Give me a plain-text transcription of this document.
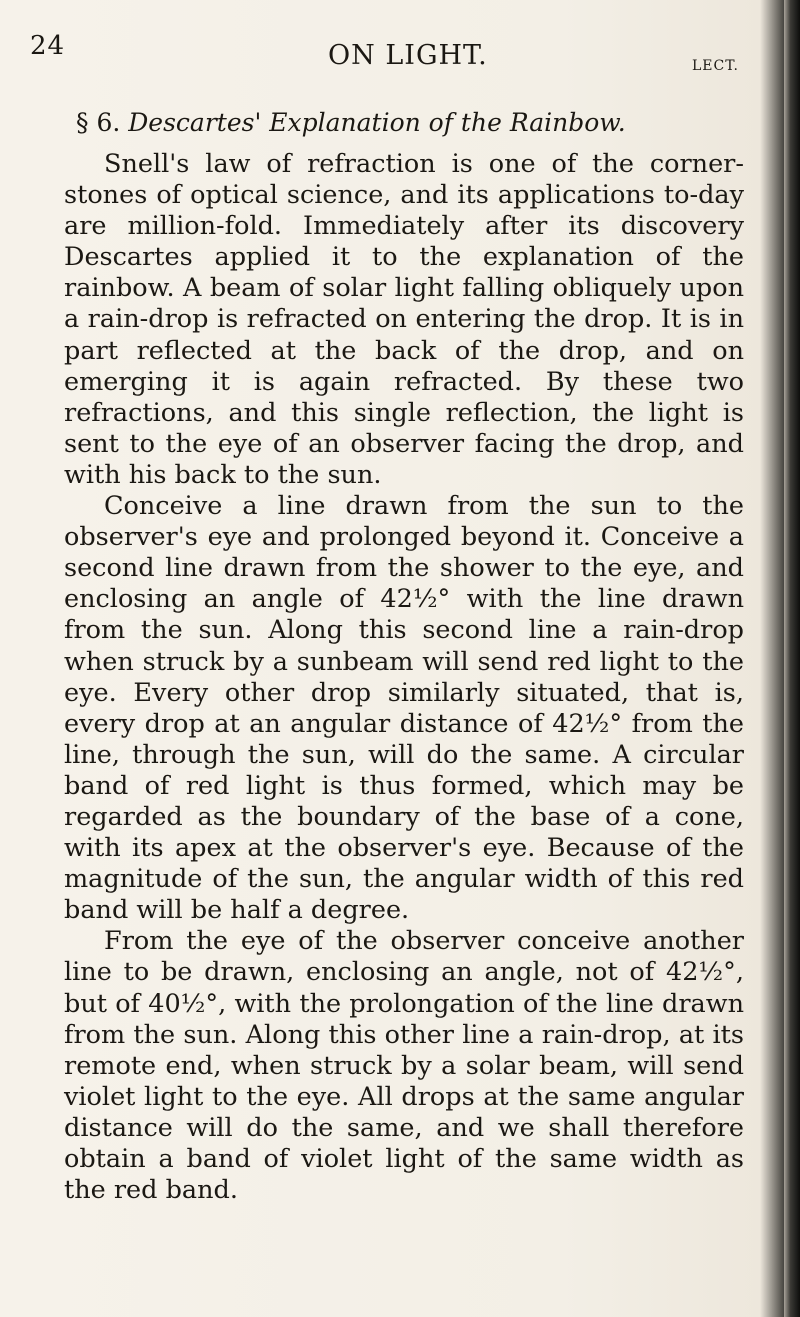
24	ON LIGHT.	LECT.
§ 6. Descartes' Explanation of the Rainbow.

Snell's law of refraction is one of the corner-stones of optical science, and its applications to-day are million-fold. Immediately after its discovery Descartes applied it to the explanation of the rainbow. A beam of solar light falling obliquely upon a rain-drop is refracted on entering the drop. It is in part reflected at the back of the drop, and on emerging it is again refracted. By these two refractions, and this single reflection, the light is sent to the eye of an observer facing the drop, and with his back to the sun.

Conceive a line drawn from the sun to the observer's eye and prolonged beyond it. Conceive a second line drawn from the shower to the eye, and enclosing an angle of 42½° with the line drawn from the sun. Along this second line a rain-drop when struck by a sunbeam will send red light to the eye. Every other drop similarly situated, that is, every drop at an angular distance of 42½° from the line, through the sun, will do the same. A circular band of red light is thus formed, which may be regarded as the boundary of the base of a cone, with its apex at the observer's eye. Because of the magnitude of the sun, the angular width of this red band will be half a degree.

From the eye of the observer conceive another line to be drawn, enclosing an angle, not of 42½°, but of 40½°, with the prolongation of the line drawn from the sun. Along this other line a rain-drop, at its remote end, when struck by a solar beam, will send violet light to the eye. All drops at the same angular distance will do the same, and we shall therefore obtain a band of violet light of the same width as the red band.
